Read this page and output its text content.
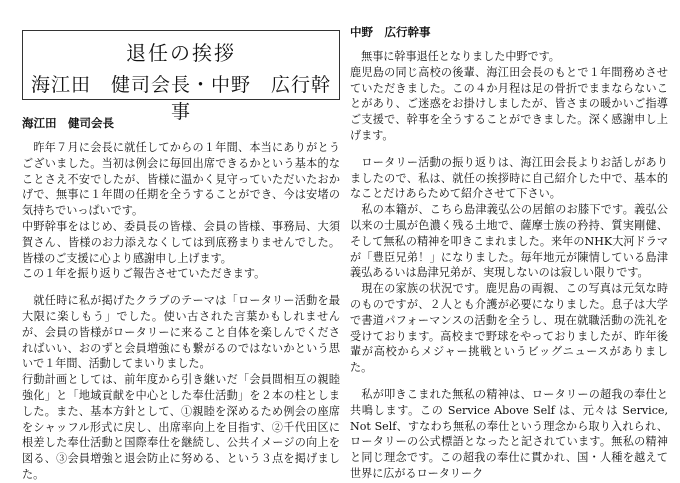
退任の挨拶
海江田　健司会長・中野　広行幹事
海江田　健司会長

　昨年７月に会長に就任してからの１年間、本当にありがとうございました。当初は例会に毎回出席できるかという基本的なことさえ不安でしたが、皆様に温かく見守っていただいたおかげで、無事に１年間の任期を全うすることができ、今は安堵の気持ちでいっぱいです。

中野幹事をはじめ、委員長の皆様、会員の皆様、事務局、大須賀さん、皆様のお力添えなくしては到底務まりませんでした。皆様のご支援に心より感謝申し上げます。

この１年を振り返りご報告させていただきます。

　就任時に私が掲げたクラブのテーマは「ロータリー活動を最大限に楽しもう」でした。使い古された言葉かもしれませんが、会員の皆様がロータリーに来ること自体を楽しんでくださればいい、おのずと会員増強にも繋がるのではないかという思いで１年間、活動してまいりました。

行動計画としては、前年度から引き継いだ「会員間相互の親睦強化」と「地域貢献を中心とした奉仕活動」を２本の柱としました。また、基本方針として、①親睦を深めるため例会の座席をシャッフル形式に戻し、出席率向上を目指す、②千代田区に根差した奉仕活動と国際奉仕を継続し、公共イメージの向上を図る、③会員増強と退会防止に努める、という３点を掲げました。

中野　広行幹事

　無事に幹事退任となりました中野です。

鹿児島の同じ高校の後輩、海江田会長のもとで１年間務めさせていただきました。この４か月程は足の骨折でままならないことがあり、ご迷惑をお掛けしましたが、皆さまの暖かいご指導ご支援で、幹事を全うすることができました。深く感謝申し上げます。

　ロータリー活動の振り返りは、海江田会長よりお話しがありましたので、私は、就任の挨拶時に自己紹介した中で、基本的なことだけあらためて紹介させて下さい。

　私の本籍が、こちら島津義弘公の居館のお膝下です。義弘公以来の士風が色濃く残る土地で、薩摩士族の矜持、質実剛健、そして無私の精神を叩きこまれました。来年のNHK大河ドラマが「豊臣兄弟！」になりました。毎年地元が陳情している島津義弘あるいは島津兄弟が、実現しないのは寂しい限りです。

　現在の家族の状況です。鹿児島の両親、この写真は元気な時のものですが、２人とも介護が必要になりました。息子は大学で書道パフォーマンスの活動を全うし、現在就職活動の洗礼を受けております。高校まで野球をやっておりましたが、昨年後輩が高校からメジャー挑戦というビッグニュースがありました。

　私が叩きこまれた無私の精神は、ロータリーの超我の奉仕と共鳴します。この Service Above Self は、元々は Service, Not Self、すなわち無私の奉仕という理念から取り入れられ、ロータリーの公式標語となったと記されています。無私の精神と同じ理念です。この超我の奉仕に貫かれ、国・人種を越えて世界に広がるロータリーク
